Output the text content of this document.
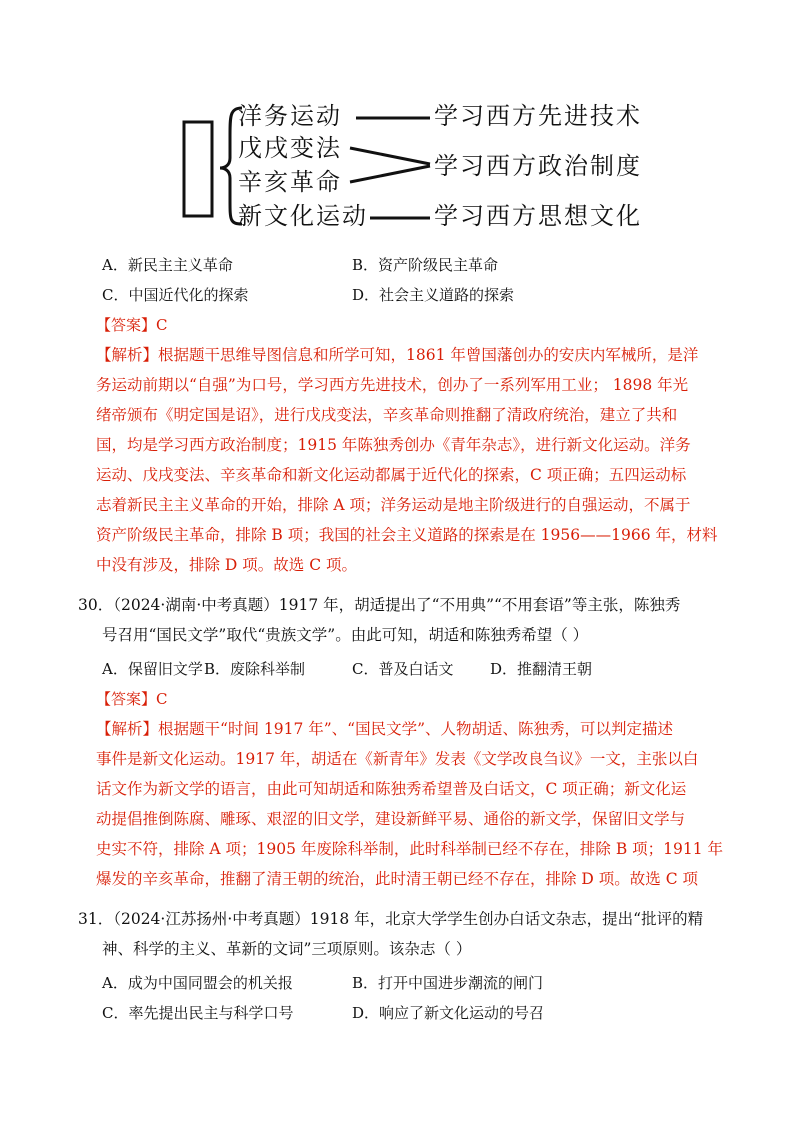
洋务运动
戊戌变法
辛亥革命
新文化运动
学习西方先进技术
学习西方政治制度
学习西方思想文化
A．新民主主义革命	B．资产阶级民主革命
C．中国近代化的探索	D．社会主义道路的探索
【答案】C
【解析】根据题干思维导图信息和所学可知，1861 年曾国藩创办的安庆内军械所，是洋
务运动前期以“自强”为口号，学习西方先进技术，创办了一系列军用工业； 1898 年光
绪帝颁布《明定国是诏》，进行戊戌变法，辛亥革命则推翻了清政府统治，建立了共和
国，均是学习西方政治制度；1915 年陈独秀创办《青年杂志》，进行新文化运动。洋务
运动、戊戌变法、辛亥革命和新文化运动都属于近代化的探索，C 项正确；五四运动标
志着新民主主义革命的开始，排除 A 项；洋务运动是地主阶级进行的自强运动，不属于
资产阶级民主革命，排除 B 项；我国的社会主义道路的探索是在 1956——1966 年，材料
中没有涉及，排除 D 项。故选 C 项。
30．（2024·湖南·中考真题）1917 年，胡适提出了“不用典”“不用套语”等主张，陈独秀
号召用“国民文学”取代“贵族文学”。由此可知，胡适和陈独秀希望（ ）
A．保留旧文学 B．废除科举制	C．普及白话文 D．推翻清王朝
【答案】C
【解析】根据题干“时间 1917 年”、“国民文学”、人物胡适、陈独秀，可以判定描述
事件是新文化运动。1917 年，胡适在《新青年》发表《文学改良刍议》一文，主张以白
话文作为新文学的语言，由此可知胡适和陈独秀希望普及白话文，C 项正确；新文化运
动提倡推倒陈腐、雕琢、艰涩的旧文学，建设新鲜平易、通俗的新文学，保留旧文学与
史实不符，排除 A 项；1905 年废除科举制，此时科举制已经不存在，排除 B 项；1911 年
爆发的辛亥革命，推翻了清王朝的统治，此时清王朝已经不存在，排除 D 项。故选 C 项
31．（2024·江苏扬州·中考真题）1918 年，北京大学学生创办白话文杂志，提出“批评的精
神、科学的主义、革新的文词”三项原则。该杂志（ ）
A．成为中国同盟会的机关报	B．打开中国进步潮流的闸门
C．率先提出民主与科学口号	D．响应了新文化运动的号召
